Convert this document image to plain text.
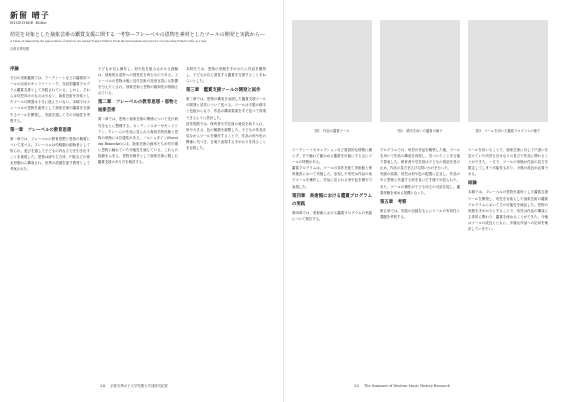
新留 晴子
NIIDOME Hiko
幼児を対象とした抽象芸術の鑑賞支援に関する一考察―フレーベルの恩物を素材としたツールの開発と実践から―
A Study on Supporting the Appreciation of Abstract Art among Young Children: From the development and practice of tools using Fröbel's Gifts as a base
京都光華短期
序論
今日の美術鑑賞では、ワークシートなどの鑑賞用ツールの活用がギャラリートーク、対話型鑑賞プログラム鑑賞支援として実践されている。しかし、それらは幼児向けのものは少なく、抽象芸術を対象としたツールの開発は十分に進んでいない。本稿ではフレーベルの恩物を素材として抽象芸術の鑑賞を支援するツールを開発し、実践を通してその可能性を考察する。
第一章　フレーベルの教育思想
第一章では、フレーベルの教育思想と恩物の概要について述べる。フレーベルは幼稚園の創始者として知られ、遊びを通して子どもの内なる力を引き出すことを重視した。恩物は球や立方体、円柱などの基本形態から構成され、世界の認識を促す教材として考案された。
子どもが自ら操作し、形や色を組み合わせる経験は、抽象的な造形への感受性を育むものである。フレーベルの恩物は後に近代芸術の造形言語にも影響を与えたとされ、抽象芸術と恩物の親和性が指摘されている。
第二章　フレーベルの教育思想・恩物と抽象芸術
第二章では、恩物と抽象芸術の関係について先行研究をもとに整理する。カンディンスキーやモンドリアン、クレーらの作品に見られる幾何学的形態と恩物の形態には共通性がある。ノルシュタイン(Norstein Reinecke)らは、抽象芸術の画家たちが幼少期に恩物に触れていた可能性を論じている。これらの指摘をふまえ、恩物を媒介として抽象芸術に親しむ鑑賞支援のあり方を検討する。
本研究では、恩物の形態を手がかりに作品を観察し、子どもが自ら発見する鑑賞を支援することをねらいとした。
第三章　鑑賞支援ツールの開発と試作
第三章では、恩物の構成を参照した鑑賞支援ツールの開発と試作について述べる。ツールは木製の積木と色板からなり、作品の構成要素を手で並べて再現できるように設計した。
試作段階では、保育者や学芸員の意見を取り入れ、形や大きさ、色の種類を調整した。子どもが作品を見ながらツールを操作することで、作品の形や色の関係に気づき、言葉で表現する手がかりを得ることを目指した。
24 京都光華女子大学短期大学部研究紀要
図1　作品の鑑賞ツール	図2　積木を用いた鑑賞の様子	図3　ツールを用いた鑑賞プログラムの様子
ワークシートやキャプションなど視覚的な情報に頼らず、手で触れて確かめる鑑賞を可能にする点にツールの特徴がある。
鑑賞プログラムは、ツールの試作を経て美術館と保育施設において実施した。参加した幼児は作品の前でツールを操作し、作品に見られる形や色を積木で表現した。
第四章　美術館における鑑賞プログラムの実践
第四章では、美術館における鑑賞プログラムの実践について報告する。
プログラムでは、幼児が作品を観察した後、ツールを用いて作品の構成を再現し、気づいたことを言葉で発表した。保育者や学芸員は子どもの発話を受け止め、作品の見方を広げる問いかけを行った。
実践の結果、幼児は形や色の配置に注目し、作品の中に恩物と共通する形を見いだす様子が見られた。また、ツールの操作が子ども同士の対話を促し、鑑賞体験を深める契機となった。
第五章　考察
第五章では、実践の記録をもとにツールの有効性と課題を考察する。
ツールを用いることで、抽象芸術に対して戸惑いを見せていた幼児も自分なりの見方で作品に関わることができた。一方で、ツールの形態が作品の見方を限定してしまう可能性もあり、今後の改良が必要である。
結論
本稿では、フレーベルの恩物を素材とした鑑賞支援ツールを開発し、幼児を対象とした抽象芸術の鑑賞プログラムにおいてその可能性を検証した。恩物の形態を手がかりとすることで、幼児は作品の構成に主体的に関わり、鑑賞を深めることができた。今後はツールの改良とともに、多様な作品への応用を検討していきたい。
25 The Seminars of Western Music History Research
